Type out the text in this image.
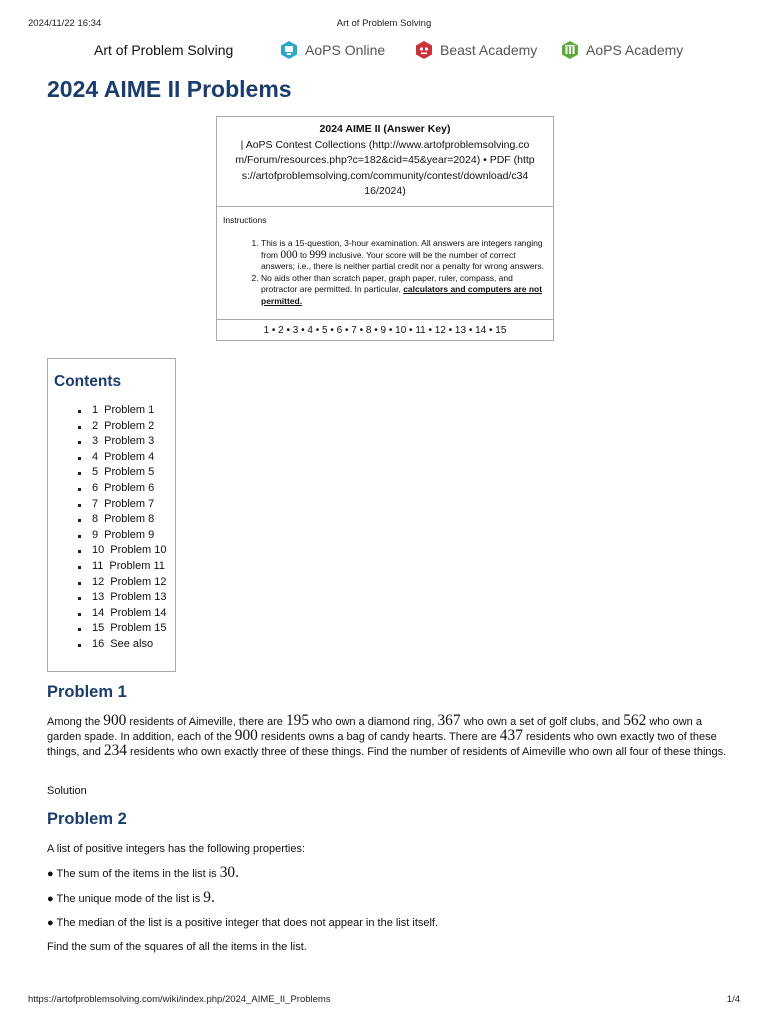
2024/11/22 16:34	Art of Problem Solving
Art of Problem Solving	AoPS Online	Beast Academy	AoPS Academy
2024 AIME II Problems
2024 AIME II (Answer Key)
| AoPS Contest Collections (http://www.artofproblemsolving.co m/Forum/resources.php?c=182&cid=45&year=2024) • PDF (http s://artofproblemsolving.com/community/contest/download/c34 16/2024)
Instructions
1. This is a 15-question, 3-hour examination. All answers are integers ranging from 000 to 999 inclusive. Your score will be the number of correct answers; i.e., there is neither partial credit nor a penalty for wrong answers.
2. No aids other than scratch paper, graph paper, ruler, compass, and protractor are permitted. In particular, calculators and computers are not permitted.
1 • 2 • 3 • 4 • 5 • 6 • 7 • 8 • 9 • 10 • 11 • 12 • 13 • 14 • 15
Contents
1 Problem 1
2 Problem 2
3 Problem 3
4 Problem 4
5 Problem 5
6 Problem 6
7 Problem 7
8 Problem 8
9 Problem 9
10 Problem 10
11 Problem 11
12 Problem 12
13 Problem 13
14 Problem 14
15 Problem 15
16 See also
Problem 1

Among the 900 residents of Aimeville, there are 195 who own a diamond ring, 367 who own a set of golf clubs, and 562 who own a garden spade. In addition, each of the 900 residents owns a bag of candy hearts. There are 437 residents who own exactly two of these things, and 234 residents who own exactly three of these things. Find the number of residents of Aimeville who own all four of these things.

Solution

Problem 2

A list of positive integers has the following properties:

● The sum of the items in the list is 30.

● The unique mode of the list is 9.

● The median of the list is a positive integer that does not appear in the list itself.

Find the sum of the squares of all the items in the list.

https://artofproblemsolving.com/wiki/index.php/2024_AIME_II_Problems	1/4
